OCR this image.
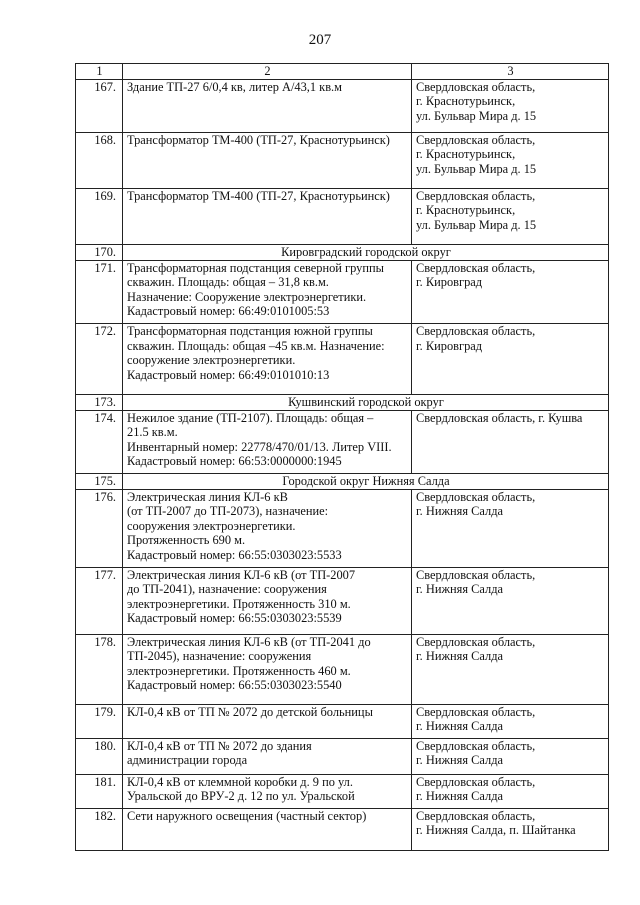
207
1	2	3
167.	Здание ТП-27 6/0,4 кв, литер А/43,1 кв.м	Свердловская область,
г. Краснотурьинск,
ул. Бульвар Мира д. 15

168.	Трансформатор ТМ-400 (ТП-27, Краснотурьинск)	Свердловская область,
г. Краснотурьинск,
ул. Бульвар Мира д. 15

169.	Трансформатор ТМ-400 (ТП-27, Краснотурьинск)	Свердловская область,
г. Краснотурьинск,
ул. Бульвар Мира д. 15

170.	Кировградский городской округ	
171.	Трансформаторная подстанция северной группы
скважин. Площадь: общая – 31,8 кв.м.
Назначение: Сооружение электроэнергетики.
Кадастровый номер: 66:49:0101005:53	Свердловская область,
г. Кировград

172.	Трансформаторная подстанция южной группы
скважин. Площадь: общая –45 кв.м. Назначение:
сооружение электроэнергетики.
Кадастровый номер: 66:49:0101010:13	Свердловская область,
г. Кировград

173.	Кушвинский городской округ	
174.	Нежилое здание (ТП-2107). Площадь: общая –
21.5 кв.м.
Инвентарный номер: 22778/470/01/13. Литер VIII.
Кадастровый номер: 66:53:0000000:1945	Свердловская область, г. Кушва

175.	Городской округ Нижняя Салда	
176.	Электрическая линия КЛ-6 кВ
(от ТП-2007 до ТП-2073), назначение:
сооружения электроэнергетики.
Протяженность 690 м.
Кадастровый номер: 66:55:0303023:5533	Свердловская область,
г. Нижняя Салда

177.	Электрическая линия КЛ-6 кВ (от ТП-2007
до ТП-2041), назначение: сооружения
электроэнергетики. Протяженность 310 м.
Кадастровый номер: 66:55:0303023:5539	Свердловская область,
г. Нижняя Салда

178.	Электрическая линия КЛ-6 кВ (от ТП-2041 до
ТП-2045), назначение: сооружения
электроэнергетики. Протяженность 460 м.
Кадастровый номер: 66:55:0303023:5540	Свердловская область,
г. Нижняя Салда

179.	КЛ-0,4 кВ от ТП № 2072 до детской больницы	Свердловская область,
г. Нижняя Салда

180.	КЛ-0,4 кВ от ТП № 2072 до здания
администрации города	Свердловская область,
г. Нижняя Салда

181.	КЛ-0,4 кВ от клеммной коробки д. 9 по ул.
Уральской до ВРУ-2 д. 12 по ул. Уральской	Свердловская область,
г. Нижняя Салда

182.	Сети наружного освещения (частный сектор)	Свердловская область,
г. Нижняя Салда, п. Шайтанка
